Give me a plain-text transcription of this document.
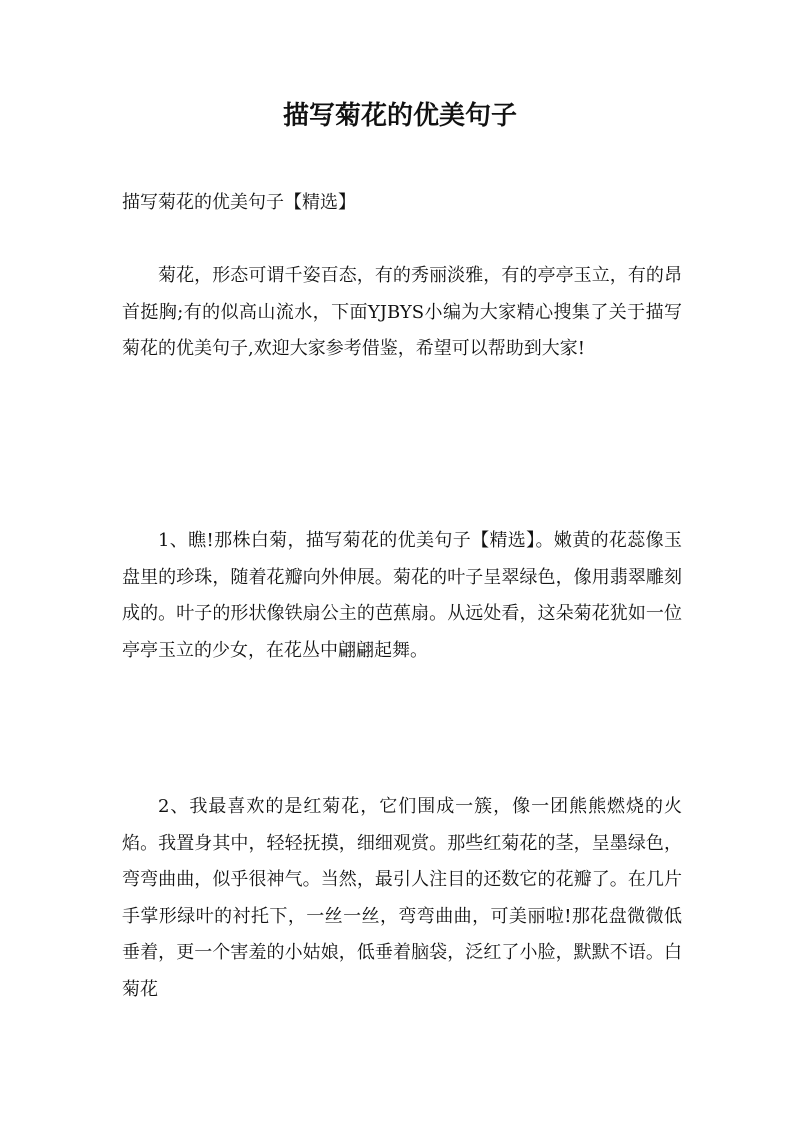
描写菊花的优美句子

描写菊花的优美句子【精选】

菊花，形态可谓千姿百态，有的秀丽淡雅，有的亭亭玉立，有的昂首挺胸;有的似高山流水，下面YJBYS小编为大家精心搜集了关于描写菊花的优美句子,欢迎大家参考借鉴，希望可以帮助到大家!

1、瞧!那株白菊，描写菊花的优美句子【精选】。嫩黄的花蕊像玉盘里的珍珠，随着花瓣向外伸展。菊花的叶子呈翠绿色，像用翡翠雕刻成的。叶子的形状像铁扇公主的芭蕉扇。从远处看，这朵菊花犹如一位亭亭玉立的少女，在花丛中翩翩起舞。

2、我最喜欢的是红菊花，它们围成一簇，像一团熊熊燃烧的火焰。我置身其中，轻轻抚摸，细细观赏。那些红菊花的茎，呈墨绿色，弯弯曲曲，似乎很神气。当然，最引人注目的还数它的花瓣了。在几片手掌形绿叶的衬托下，一丝一丝，弯弯曲曲，可美丽啦!那花盘微微低垂着，更一个害羞的小姑娘，低垂着脑袋，泛红了小脸，默默不语。白菊花
